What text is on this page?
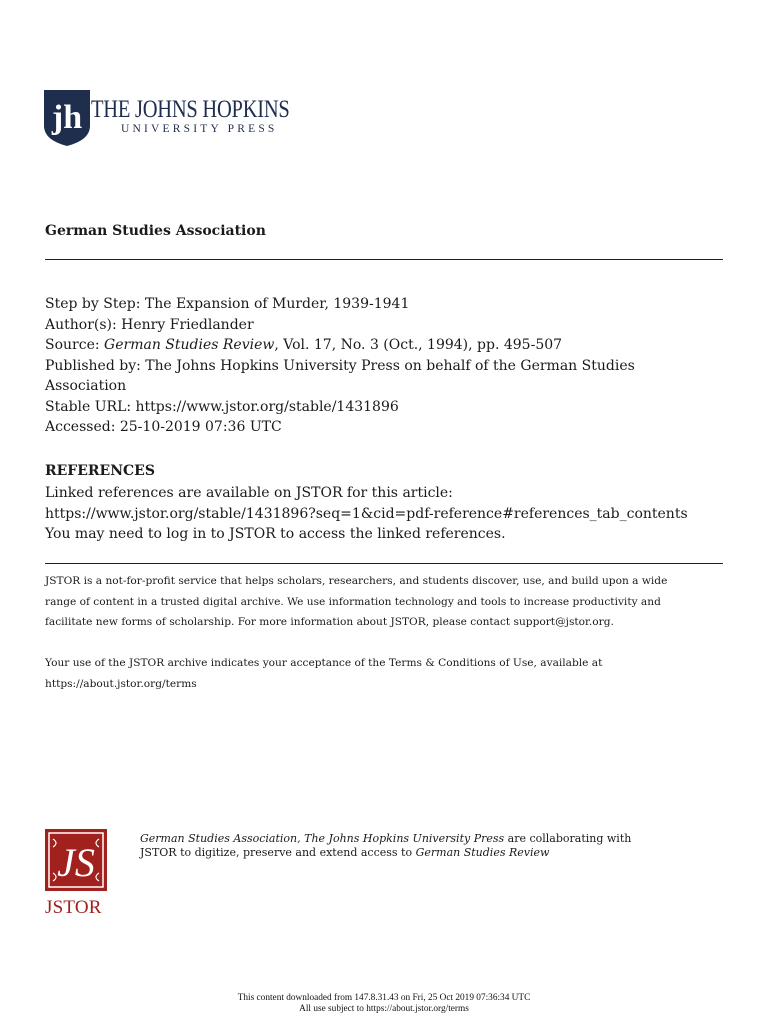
jh THE JOHNS HOPKINS
UNIVERSITY PRESS
German Studies Association
Step by Step: The Expansion of Murder, 1939-1941
Author(s): Henry Friedlander
Source: German Studies Review, Vol. 17, No. 3 (Oct., 1994), pp. 495-507
Published by: The Johns Hopkins University Press on behalf of the German Studies
Association
Stable URL: https://www.jstor.org/stable/1431896
Accessed: 25-10-2019 07:36 UTC
REFERENCES
Linked references are available on JSTOR for this article:
https://www.jstor.org/stable/1431896?seq=1&cid=pdf-reference#references_tab_contents
You may need to log in to JSTOR to access the linked references.
JSTOR is a not-for-profit service that helps scholars, researchers, and students discover, use, and build upon a wide
range of content in a trusted digital archive. We use information technology and tools to increase productivity and
facilitate new forms of scholarship. For more information about JSTOR, please contact support@jstor.org.
Your use of the JSTOR archive indicates your acceptance of the Terms & Conditions of Use, available at
https://about.jstor.org/terms
JS
JSTOR
German Studies Association, The Johns Hopkins University Press are collaborating with
JSTOR to digitize, preserve and extend access to German Studies Review
This content downloaded from 147.8.31.43 on Fri, 25 Oct 2019 07:36:34 UTC
All use subject to https://about.jstor.org/terms
